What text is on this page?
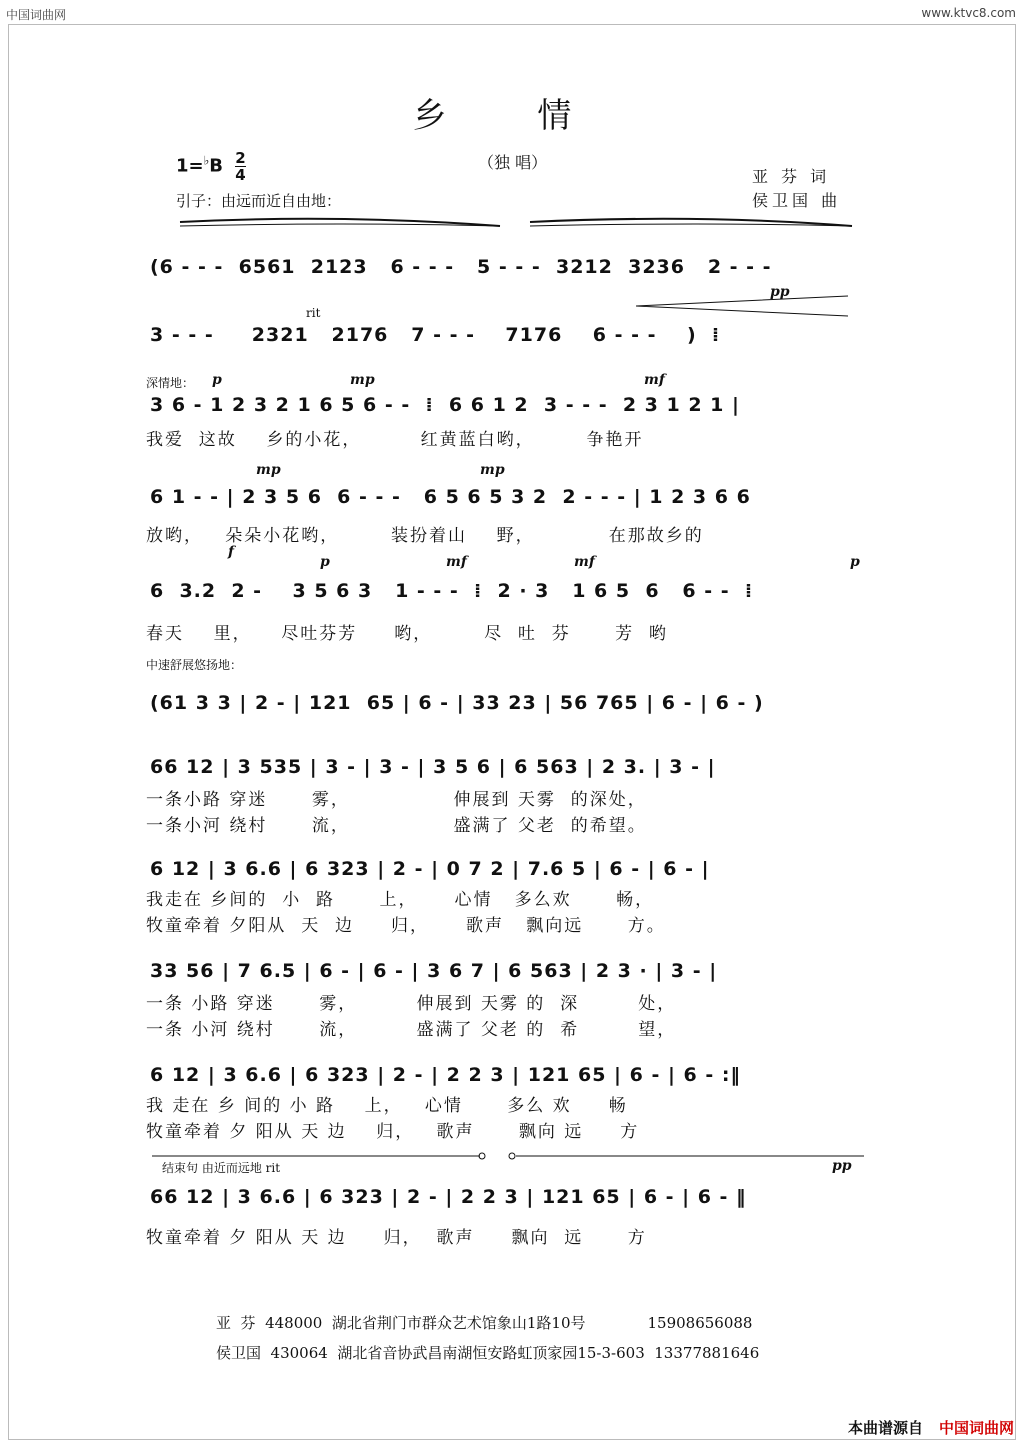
中国词曲网	www.ktvc8.com
乡 情
$1=^♭B \frac{2}{4}$	（独 唱）
亚 芬 词
侯卫国 曲
引子：由远而近自由地：
pp
rit
深情地： p	mp	mf
mp	mp
f
p	mf	mf	p
中速舒展悠扬地：
结束句 由近而远地 rit	pp
(6 - - -  6561  2123   6 - - -   5 - - -  3212  3236   2 - - -
3 - - -     2321   2176   7 - - -    7176    6 - - -    )  ⁞
3 6 - 1 2 3 2 1 6 5 6 - -  ⁞  6 6 1 2  3 - - -  2 3 1 2 1 |
我爱  这故    乡的小花，        红黄蓝白哟，       争艳开
6 1 - - | 2 3 5 6  6 - - -   6 5 6 5 3 2  2 - - - | 1 2 3 6 6
放哟，   朵朵小花哟，       装扮着山    野，          在那故乡的
6  3.2  2 -    3 5 6 3   1 - - -  ⁞  2 · 3   1 6 5  6   6 - -  ⁞
春天    里，    尽吐芬芳     哟，       尽  吐  芬      芳  哟
(61 3 3 | 2 - | 121  65 | 6 - | 33 23 | 56 765 | 6 - | 6 - )
66 12 | 3 535 | 3 - | 3 - | 3 5 6 | 6 563 | 2 3. | 3 - |
一条小路 穿迷      雾，              伸展到 天雾  的深处，
一条小河 绕村      流，              盛满了 父老  的希望。
6 12 | 3 6.6 | 6 323 | 2 - | 0 7 2 | 7.6 5 | 6 - | 6 - |
我走在 乡间的  小  路      上，     心情   多么欢      畅，
牧童牵着 夕阳从  天  边     归，     歌声   飘向远      方。
33 56 | 7 6.5 | 6 - | 6 - | 3 6 7 | 6 563 | 2 3 · | 3 - |
一条 小路 穿迷      雾，        伸展到 天雾 的  深        处，
一条 小河 绕村      流，        盛满了 父老 的  希        望，
6 12 | 3 6.6 | 6 323 | 2 - | 2 2 3 | 121 65 | 6 - | 6 - :‖
我 走在 乡 间的 小 路    上，   心情      多么 欢     畅
牧童牵着 夕 阳从 天 边    归，   歌声      飘向 远     方
66 12 | 3 6.6 | 6 323 | 2 - | 2 2 3 | 121 65 | 6 - | 6 - ‖
牧童牵着 夕 阳从 天 边     归，  歌声     飘向  远      方
亚  芬  448000  湖北省荆门市群众艺术馆象山1路10号             15908656088
侯卫国  430064  湖北省音协武昌南湖恒安路虹顶家园15-3-603  13377881646
本曲谱源自 中国词曲网
